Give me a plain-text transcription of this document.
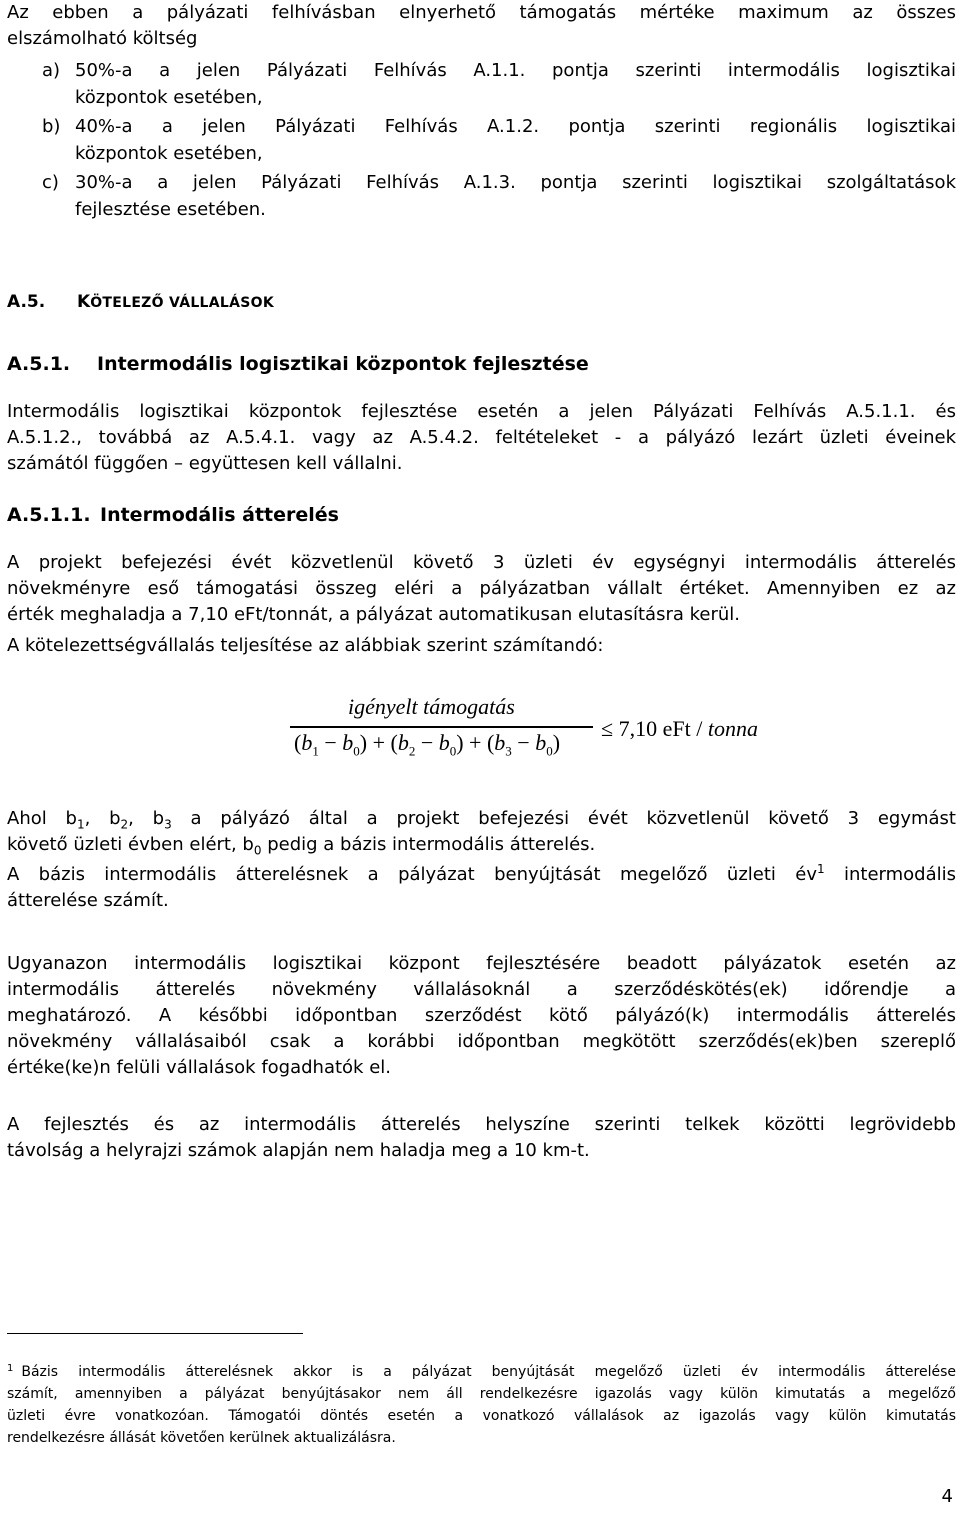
Az ebben a pályázati felhívásban elnyerhető támogatás mértéke maximum az összes
elszámolható költség

a) 50%-a a jelen Pályázati Felhívás A.1.1. pontja szerinti intermodális logisztikai
központok esetében,
b) 40%-a a jelen Pályázati Felhívás A.1.2. pontja szerinti regionális logisztikai
központok esetében,
c) 30%-a a jelen Pályázati Felhívás A.1.3. pontja szerinti logisztikai szolgáltatások
fejlesztése esetében.
A.5. KÖTELEZŐ VÁLLALÁSOK
A.5.1. Intermodális logisztikai központok fejlesztése

Intermodális logisztikai központok fejlesztése esetén a jelen Pályázati Felhívás A.5.1.1. és
A.5.1.2., továbbá az A.5.4.1. vagy az A.5.4.2. feltételeket - a pályázó lezárt üzleti éveinek
számától függően – együttesen kell vállalni.

A.5.1.1. Intermodális átterelés

A projekt befejezési évét közvetlenül követő 3 üzleti év egységnyi intermodális átterelés
növekményre eső támogatási összeg eléri a pályázatban vállalt értéket. Amennyiben ez az
érték meghaladja a 7,10 eFt/tonnát, a pályázat automatikusan elutasításra kerül.

A kötelezettségvállalás teljesítése az alábbiak szerint számítandó:

igényelt támogatás
$(b_1 - b_0) + (b_2 - b_0) + (b_3 - b_0)$
≤ 7,10 eFt / tonna

Ahol $b_1$, $b_2$, $b_3$ a pályázó által a projekt befejezési évét közvetlenül követő 3 egymást
követő üzleti évben elért, $b_0$ pedig a bázis intermodális átterelés.

A bázis intermodális átterelésnek a pályázat benyújtását megelőző üzleti $év^1$ intermodális
átterelése számít.

Ugyanazon intermodális logisztikai központ fejlesztésére beadott pályázatok esetén az
intermodális átterelés növekmény vállalásoknál a szerződéskötés(ek) időrendje a
meghatározó. A későbbi időpontban szerződést kötő pályázó(k) intermodális átterelés
növekmény vállalásaiból csak a korábbi időpontban megkötött szerződés(ek)ben szereplő
értéke(ke)n felüli vállalások fogadhatók el.

A fejlesztés és az intermodális átterelés helyszíne szerinti telkek közötti legrövidebb
távolság a helyrajzi számok alapján nem haladja meg a 10 km-t.

$^1$ Bázis intermodális átterelésnek akkor is a pályázat benyújtását megelőző üzleti év intermodális átterelése
számít, amennyiben a pályázat benyújtásakor nem áll rendelkezésre igazolás vagy külön kimutatás a megelőző
üzleti évre vonatkozóan. Támogatói döntés esetén a vonatkozó vállalások az igazolás vagy külön kimutatás
rendelkezésre állását követően kerülnek aktualizálásra.
4
